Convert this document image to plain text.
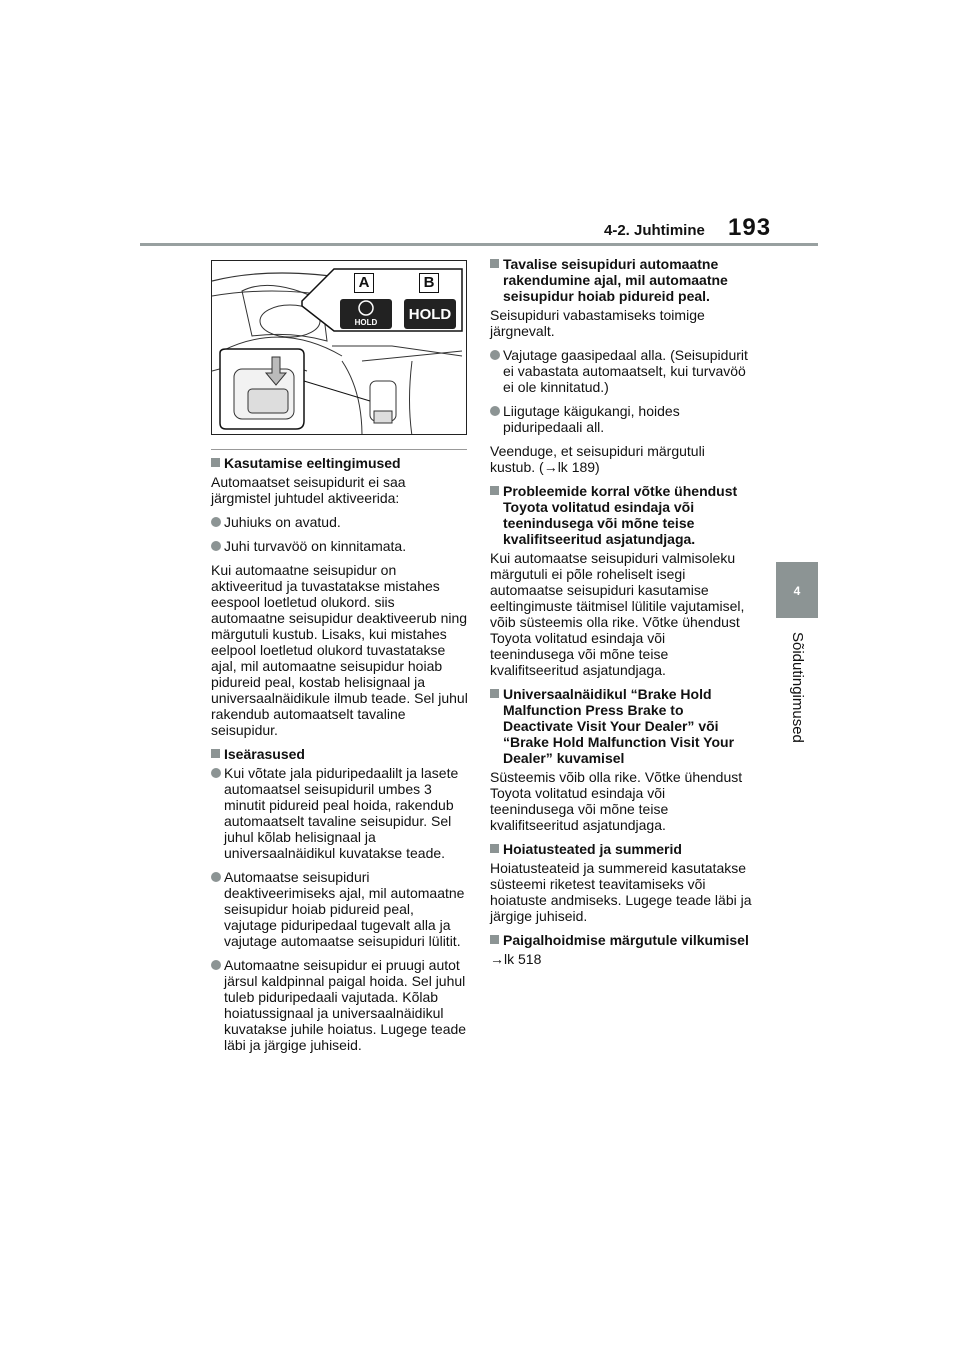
4-2. Juhtimine 193
4
Sõidutingimused
A	B
HOLD	HOLD
Kasutamise eeltingimused
Automaatset seisupidurit ei saa järgmistel juhtudel aktiveerida:
Juhiuks on avatud.
Juhi turvavöö on kinnitamata.
Kui automaatne seisupidur on aktiveeritud ja tuvastatakse mistahes eespool loetletud olukord. siis automaatne seisupidur deaktiveerub ning märgutuli kustub. Lisaks, kui mistahes eelpool loetletud olukord tuvastatakse ajal, mil automaatne seisupidur hoiab pidureid peal, kostab helisignaal ja universaalnäidikule ilmub teade. Sel juhul rakendub automaatselt tavaline seisupidur.
Iseärasused
Kui võtate jala piduripedaalilt ja lasete automaatsel seisupiduril umbes 3 minutit pidureid peal hoida, rakendub automaatselt tavaline seisupidur. Sel juhul kõlab helisignaal ja universaalnäidikul kuvatakse teade.
Automaatse seisupiduri deaktiveerimiseks ajal, mil automaatne seisupidur hoiab pidureid peal, vajutage piduripedaal tugevalt alla ja vajutage automaatse seisupiduri lülitit.
Automaatne seisupidur ei pruugi autot järsul kaldpinnal paigal hoida. Sel juhul tuleb piduripedaali vajutada. Kõlab hoiatussignaal ja universaalnäidikul kuvatakse juhile hoiatus. Lugege teade läbi ja järgige juhiseid.
Tavalise seisupiduri automaatne rakendumine ajal, mil automaatne seisupidur hoiab pidureid peal.
Seisupiduri vabastamiseks toimige järgnevalt.
Vajutage gaasipedaal alla. (Seisupidurit ei vabastata automaatselt, kui turvavöö ei ole kinnitatud.)
Liigutage käigukangi, hoides piduripedaali all.
Veenduge, et seisupiduri märgutuli kustub. (→lk 189)
Probleemide korral võtke ühendust Toyota volitatud esindaja või teenindusega või mõne teise kvalifitseeritud asjatundjaga.
Kui automaatse seisupiduri valmisoleku märgutuli ei põle roheliselt isegi automaatse seisupiduri kasutamise eeltingimuste täitmisel lülitile vajutamisel, võib süsteemis olla rike. Võtke ühendust Toyota volitatud esindaja või teenindusega või mõne teise kvalifitseeritud asjatundjaga.
Universaalnäidikul “Brake Hold Malfunction Press Brake to Deactivate Visit Your Dealer” või “Brake Hold Malfunction Visit Your Dealer” kuvamisel
Süsteemis võib olla rike. Võtke ühendust Toyota volitatud esindaja või teenindusega või mõne teise kvalifitseeritud asjatundjaga.
Hoiatusteated ja summerid
Hoiatusteateid ja summereid kasutatakse süsteemi riketest teavitamiseks või hoiatuste andmiseks. Lugege teade läbi ja järgige juhiseid.
Paigalhoidmise märgutule vilkumisel
→lk 518
